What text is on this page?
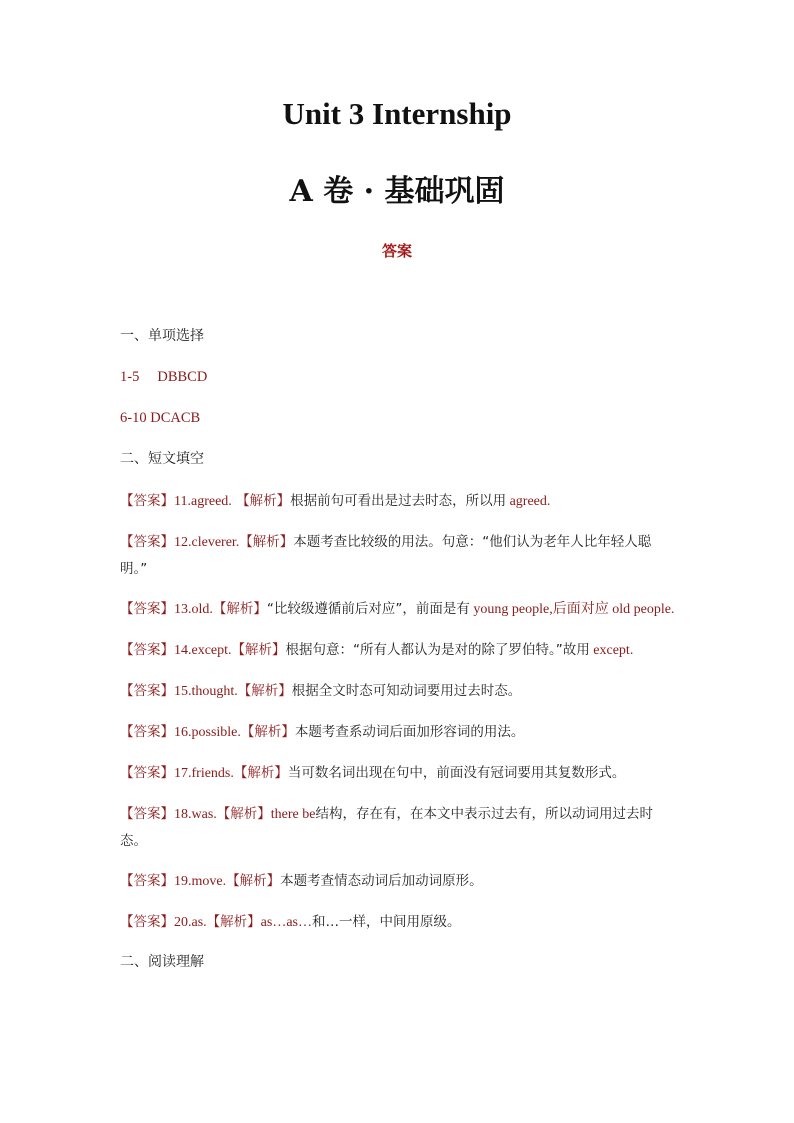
Unit 3 Internship
A 卷 · 基础巩固
答案

一、单项选择

1-5 DBBCD

6-10 DCACB

二、短文填空

【答案】11.agreed. 【解析】根据前句可看出是过去时态，所以用 agreed.

【答案】12.cleverer.【解析】本题考查比较级的用法。句意：“他们认为老年人比年轻人聪明。”

【答案】13.old.【解析】“比较级遵循前后对应”，前面是有 young people,后面对应 old people.

【答案】14.except.【解析】根据句意：“所有人都认为是对的除了罗伯特。”故用 except.

【答案】15.thought.【解析】根据全文时态可知动词要用过去时态。

【答案】16.possible.【解析】本题考查系动词后面加形容词的用法。

【答案】17.friends.【解析】当可数名词出现在句中，前面没有冠词要用其复数形式。

【答案】18.was.【解析】there be结构，存在有，在本文中表示过去有，所以动词用过去时态。

【答案】19.move.【解析】本题考查情态动词后加动词原形。

【答案】20.as.【解析】as…as…和…一样，中间用原级。

二、阅读理解
